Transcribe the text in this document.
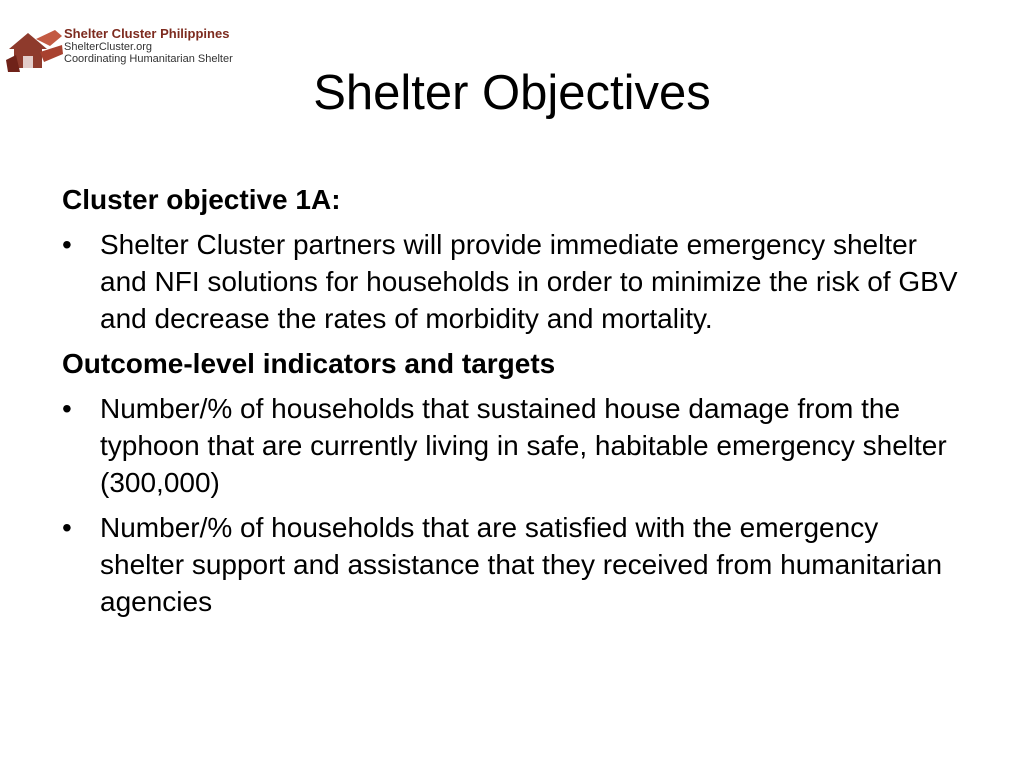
Shelter Cluster Philippines
ShelterCluster.org
Coordinating Humanitarian Shelter
Shelter Objectives
Cluster objective 1A:
• Shelter Cluster partners will provide immediate emergency shelter and NFI solutions for households in order to minimize the risk of GBV and decrease the rates of morbidity and mortality.
Outcome-level indicators and targets
• Number/% of households that sustained house damage from the typhoon that are currently living in safe, habitable emergency shelter (300,000)
• Number/% of households that are satisfied with the emergency shelter support and assistance that they received from humanitarian agencies
